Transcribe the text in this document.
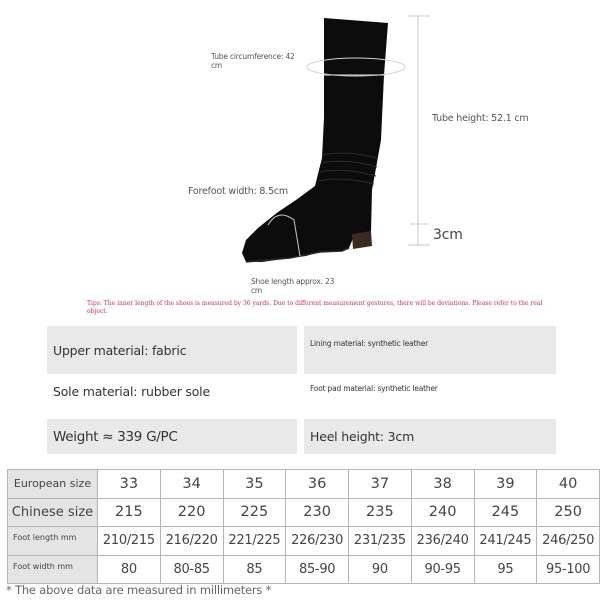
Tube circumference: 42
cm
Tube height: 52.1 cm
Forefoot width: 8.5cm
3cm
Shoe length approx. 23
cm
Tips: The inner length of the shoes is measured by 36 yards. Due to different measurement gestures, there will be deviations. Please refer to the real object.
Upper material: fabric	Lining material: synthetic leather
Sole material: rubber sole	Foot pad material: synthetic leather
Weight ≈ 339 G/PC	Heel height: 3cm
European size	33	34	35	36	37	38	39	40
Chinese size	215	220	225	230	235	240	245	250
Foot length mm	210/215	216/220	221/225	226/230	231/235	236/240	241/245	246/250
Foot width mm	80	80-85	85	85-90	90	90-95	95	95-100
* The above data are measured in millimeters *
